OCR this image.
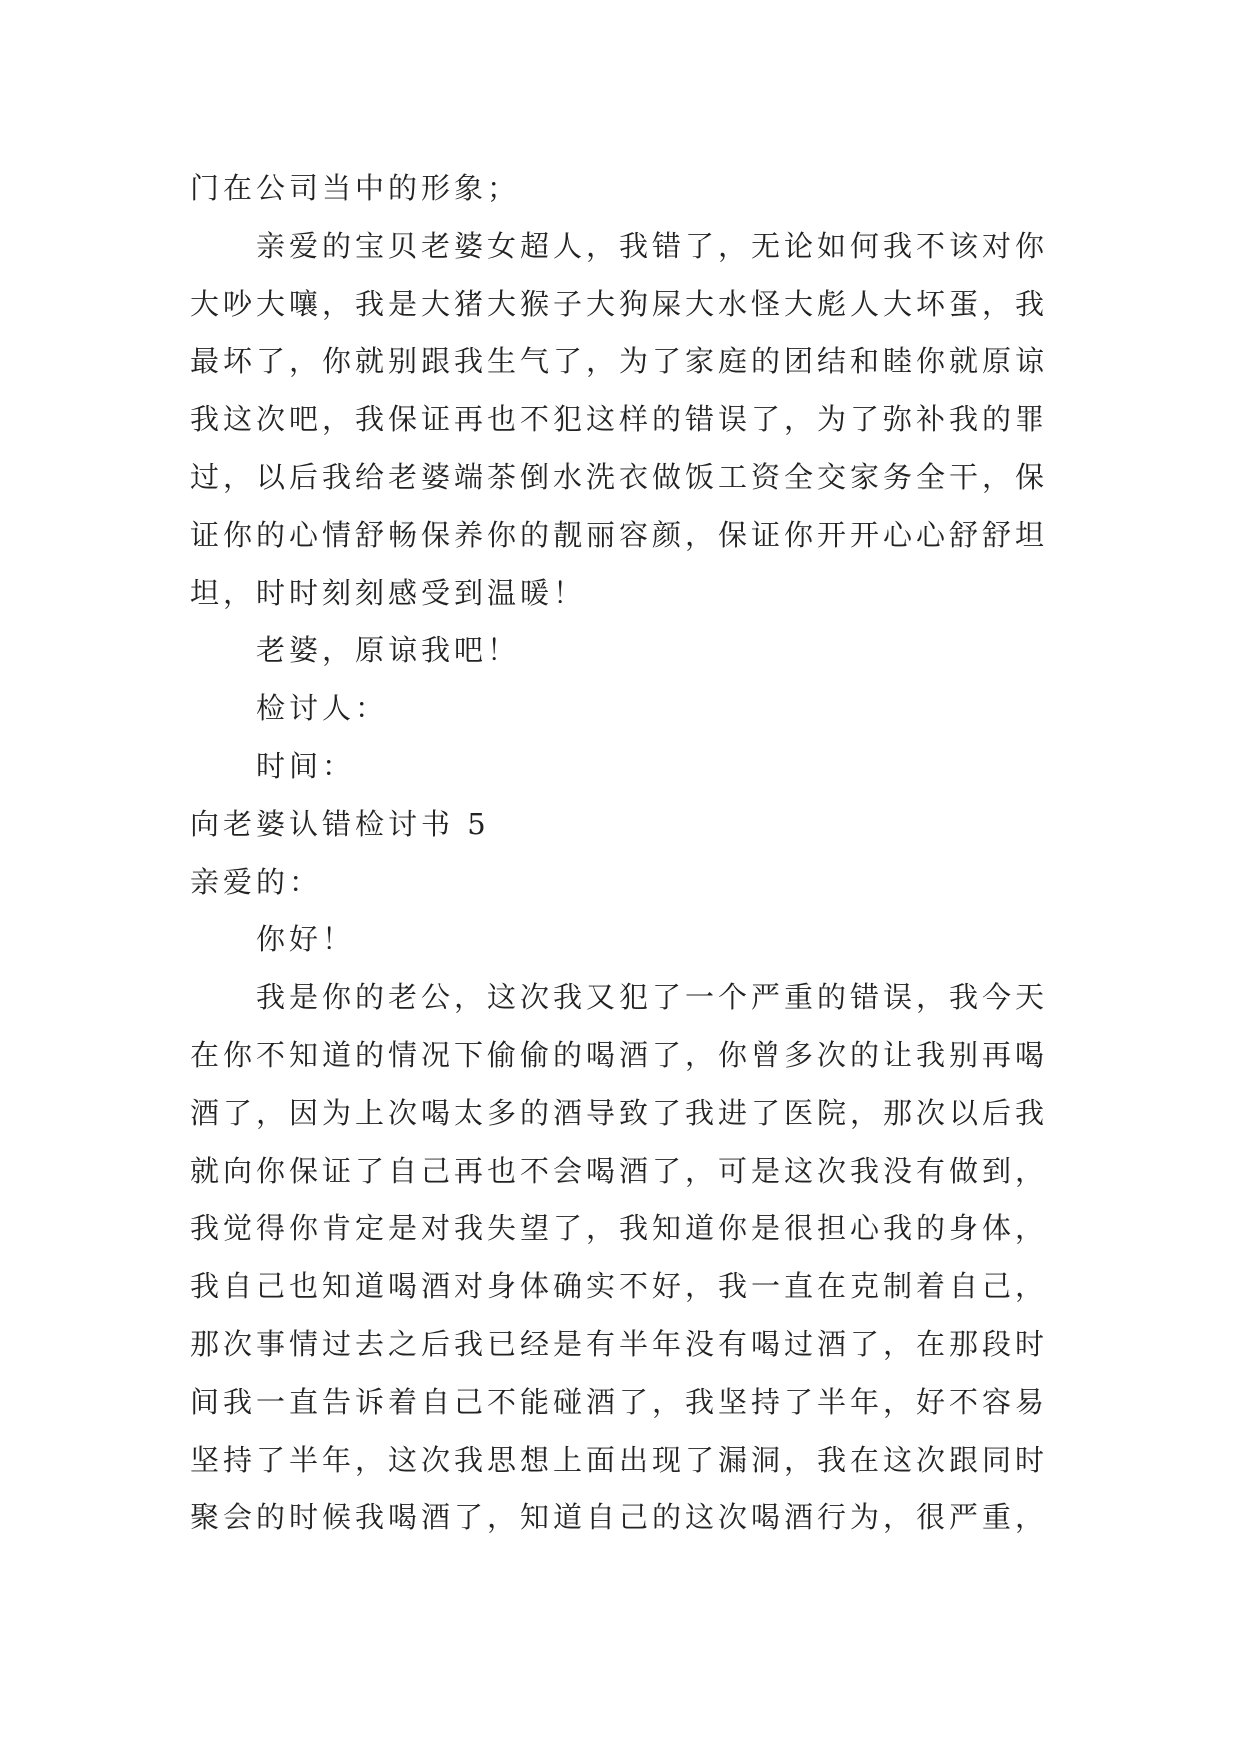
门在公司当中的形象；
亲爱的宝贝老婆女超人，我错了，无论如何我不该对你
大吵大嚷，我是大猪大猴子大狗屎大水怪大彪人大坏蛋，我
最坏了，你就别跟我生气了，为了家庭的团结和睦你就原谅
我这次吧，我保证再也不犯这样的错误了，为了弥补我的罪
过，以后我给老婆端茶倒水洗衣做饭工资全交家务全干，保
证你的心情舒畅保养你的靓丽容颜，保证你开开心心舒舒坦
坦，时时刻刻感受到温暖！
老婆，原谅我吧！
检讨人：
时间：
向老婆认错检讨书 5
亲爱的：
你好！
我是你的老公，这次我又犯了一个严重的错误，我今天
在你不知道的情况下偷偷的喝酒了，你曾多次的让我别再喝
酒了，因为上次喝太多的酒导致了我进了医院，那次以后我
就向你保证了自己再也不会喝酒了，可是这次我没有做到，
我觉得你肯定是对我失望了，我知道你是很担心我的身体，
我自己也知道喝酒对身体确实不好，我一直在克制着自己，
那次事情过去之后我已经是有半年没有喝过酒了，在那段时
间我一直告诉着自己不能碰酒了，我坚持了半年，好不容易
坚持了半年，这次我思想上面出现了漏洞，我在这次跟同时
聚会的时候我喝酒了，知道自己的这次喝酒行为，很严重，
